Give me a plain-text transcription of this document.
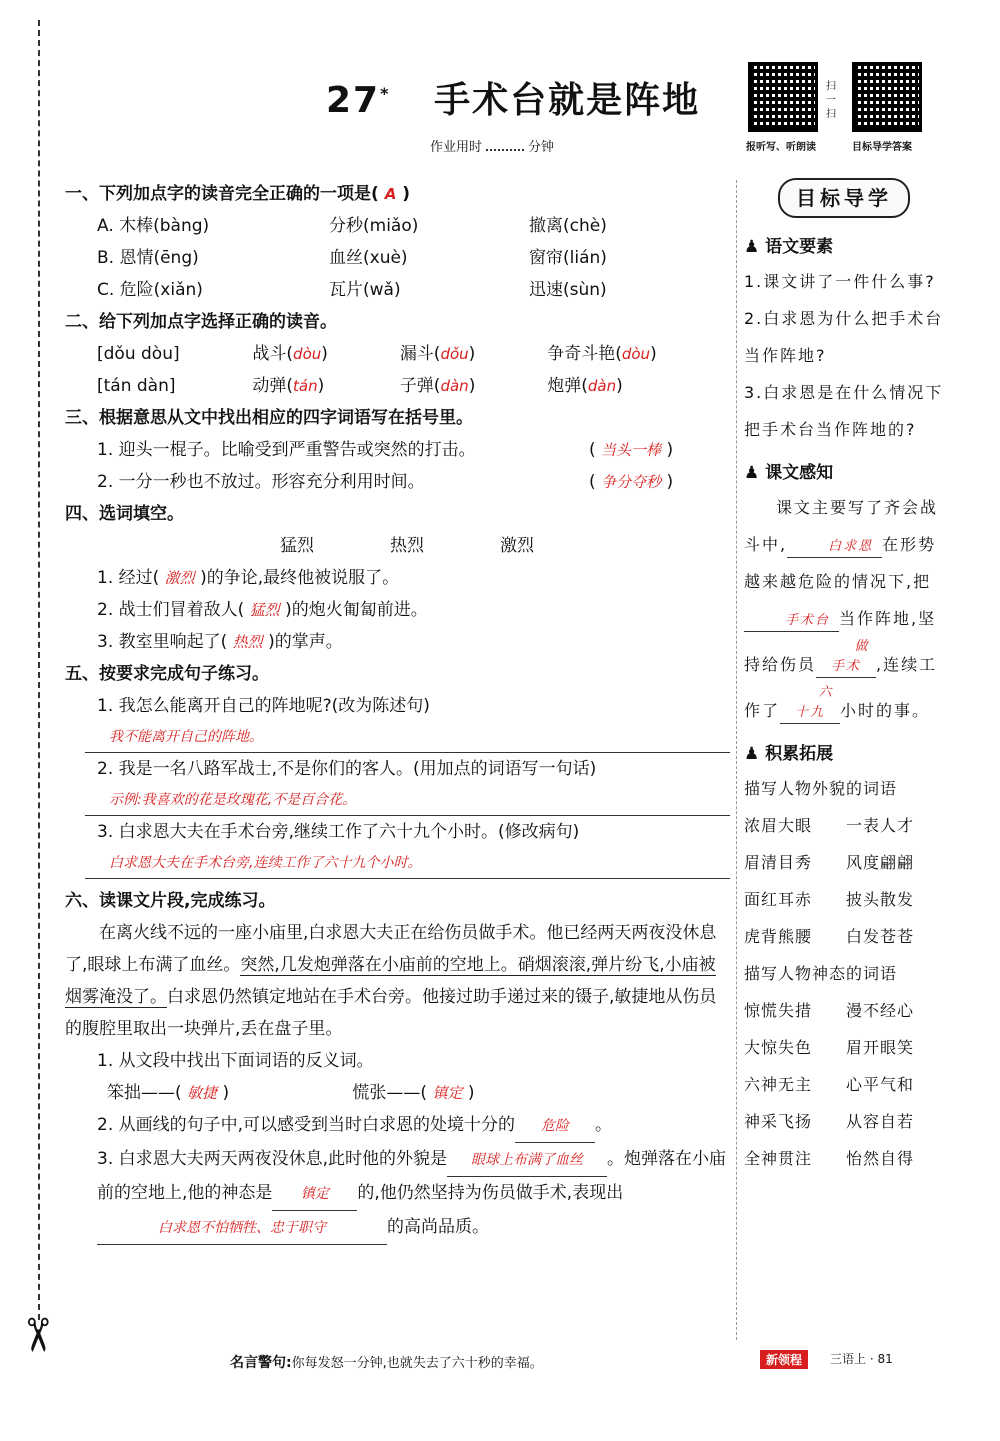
✂
27* 手术台就是阵地
作业用时	分钟
扫一扫
报听写、听朗读	目标导学答案
一、下列加点字的读音完全正确的一项是( A )
A. 木棒(bàng)	分秒(miǎo)	撤离(chè)
B. 恩情(ēng)	血丝(xuè)	窗帘(lián)
C. 危险(xiǎn)	瓦片(wǎ)	迅速(sùn)
二、给下列加点字选择正确的读音。
[dǒu dòu]	战斗(dòu)	漏斗(dǒu)	争奇斗艳(dòu)
[tán dàn]	动弹(tán)	子弹(dàn)	炮弹(dàn)
三、根据意思从文中找出相应的四字词语写在括号里。
1. 迎头一棍子。比喻受到严重警告或突然的打击。	( 当头一棒 )
2. 一分一秒也不放过。形容充分利用时间。	( 争分夺秒 )
四、选词填空。
猛烈	热烈	激烈
1. 经过( 激烈 )的争论,最终他被说服了。
2. 战士们冒着敌人( 猛烈 )的炮火匍匐前进。
3. 教室里响起了( 热烈 )的掌声。
五、按要求完成句子练习。
1. 我怎么能离开自己的阵地呢?(改为陈述句)
我不能离开自己的阵地。
2. 我是一名八路军战士,不是你们的客人。(用加点的词语写一句话)
示例:我喜欢的花是玫瑰花,不是百合花。
3. 白求恩大夫在手术台旁,继续工作了六十九个小时。(修改病句)
白求恩大夫在手术台旁,连续工作了六十九个小时。
六、读课文片段,完成练习。
在离火线不远的一座小庙里,白求恩大夫正在给伤员做手术。他已经两天两夜没休息了,眼球上布满了血丝。突然,几发炮弹落在小庙前的空地上。硝烟滚滚,弹片纷飞,小庙被烟雾淹没了。白求恩仍然镇定地站在手术台旁。他接过助手递过来的镊子,敏捷地从伤员的腹腔里取出一块弹片,丢在盘子里。
1. 从文段中找出下面词语的反义词。
笨拙——( 敏捷 )	慌张——( 镇定 )
2. 从画线的句子中,可以感受到当时白求恩的处境十分的 危险 。
3. 白求恩大夫两天两夜没休息,此时他的外貌是 眼球上布满了血丝 。炮弹落在小庙前的空地上,他的神态是 镇定 的,他仍然坚持为伤员做手术,表现出白求恩不怕牺牲、忠于职守	的高尚品质。
目标导学
♟ 语文要素

1.课文讲了一件什么事?

2.白求恩为什么把手术台当作阵地?

3.白求恩是在什么情况下把手术台当作阵地的?

♟ 课文感知

课文主要写了齐会战斗中,	白求恩 在形势越来越危险的情况下,把手术台 当作阵地,坚持给伤员做手术 ,连续工作了六十九 小时的事。

♟ 积累拓展
描写人物外貌的词语
浓眉大眼 一表人才
眉清目秀 风度翩翩
面红耳赤 披头散发
虎背熊腰 白发苍苍
描写人物神态的词语
惊慌失措 漫不经心
大惊失色 眉开眼笑
六神无主 心平气和
神采飞扬 从容自若
全神贯注 怡然自得
名言警句:你每发怒一分钟,也就失去了六十秒的幸福。	新领程	三语上 · 81
